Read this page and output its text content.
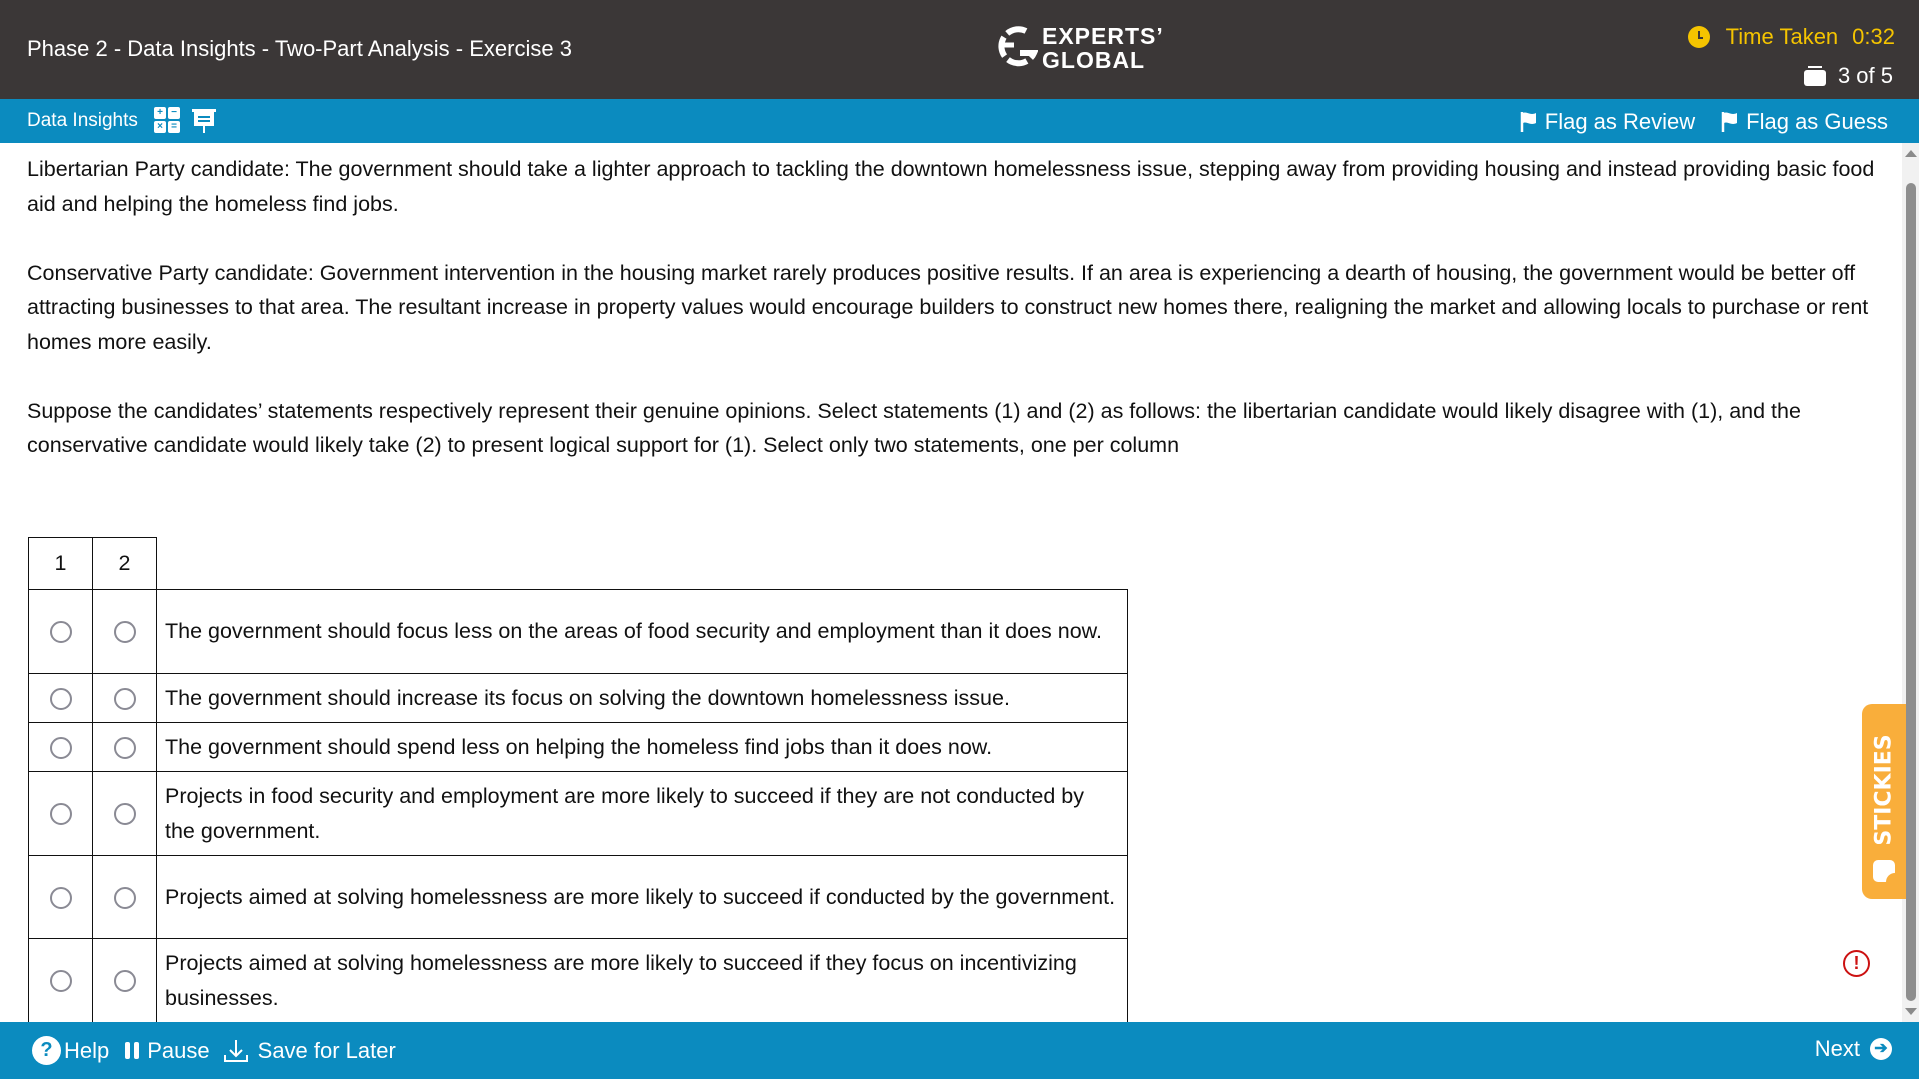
Phase 2 - Data Insights - Two-Part Analysis - Exercise 3	EXPERTS’
GLOBAL
Time Taken 0:32
3 of 5
Data Insights	+ −
× =	Flag as Review Flag as Guess

Libertarian Party candidate: The government should take a lighter approach to tackling the downtown homelessness issue, stepping away from providing housing and instead providing basic food aid and helping the homeless find jobs.

Conservative Party candidate: Government intervention in the housing market rarely produces positive results. If an area is experiencing a dearth of housing, the government would be better off attracting businesses to that area. The resultant increase in property values would encourage builders to construct new homes there, realigning the market and allowing locals to purchase or rent homes more easily.

Suppose the candidates’ statements respectively represent their genuine opinions. Select statements (1) and (2) as follows: the libertarian candidate would likely disagree with (1), and the conservative candidate would likely take (2) to present logical support for (1). Select only two statements, one per column

1	2	
		The government should focus less on the areas of food security and employment than it does now.
		The government should increase its focus on solving the downtown homelessness issue.
		The government should spend less on helping the homeless find jobs than it does now.
		Projects in food security and employment are more likely to succeed if they are not conducted by the government.
		Projects aimed at solving homelessness are more likely to succeed if conducted by the government.
		Projects aimed at solving homelessness are more likely to succeed if they focus on incentivizing businesses.
!
STICKIES
? Help Pause Save for Later	Next ➔
